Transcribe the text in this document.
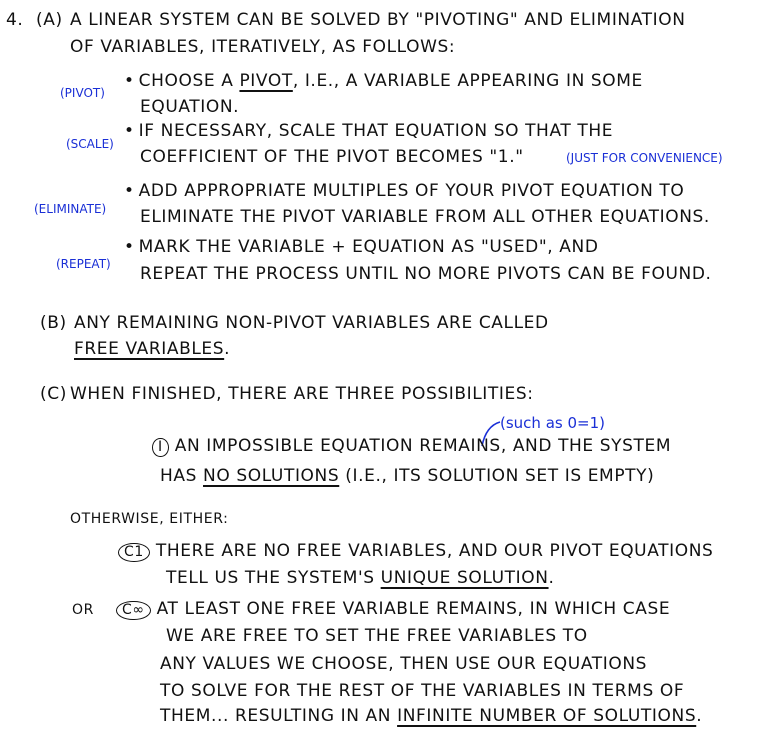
4. (A) A LINEAR SYSTEM CAN BE SOLVED BY "PIVOTING" AND ELIMINATION
OF VARIABLES, ITERATIVELY, AS FOLLOWS:
(PIVOT)
• CHOOSE A PIVOT, I.E., A VARIABLE APPEARING IN SOME
EQUATION.
(SCALE)
• IF NECESSARY, SCALE THAT EQUATION SO THAT THE
COEFFICIENT OF THE PIVOT BECOMES "1."	(JUST FOR CONVENIENCE)
(ELIMINATE)
• ADD APPROPRIATE MULTIPLES OF YOUR PIVOT EQUATION TO
ELIMINATE THE PIVOT VARIABLE FROM ALL OTHER EQUATIONS.
(REPEAT)
• MARK THE VARIABLE + EQUATION AS "USED", AND
REPEAT THE PROCESS UNTIL NO MORE PIVOTS CAN BE FOUND.
(B) ANY REMAINING NON-PIVOT VARIABLES ARE CALLED
FREE VARIABLES.
(C) WHEN FINISHED, THERE ARE THREE POSSIBILITIES:
(such as 0=1)
I AN IMPOSSIBLE EQUATION REMAINS, AND THE SYSTEM
HAS NO SOLUTIONS (I.E., ITS SOLUTION SET IS EMPTY)
OTHERWISE, EITHER:
C1 THERE ARE NO FREE VARIABLES, AND OUR PIVOT EQUATIONS
TELL US THE SYSTEM'S UNIQUE SOLUTION.
OR	C∞ AT LEAST ONE FREE VARIABLE REMAINS, IN WHICH CASE
WE ARE FREE TO SET THE FREE VARIABLES TO
ANY VALUES WE CHOOSE, THEN USE OUR EQUATIONS
TO SOLVE FOR THE REST OF THE VARIABLES IN TERMS OF
THEM... RESULTING IN AN INFINITE NUMBER OF SOLUTIONS.
